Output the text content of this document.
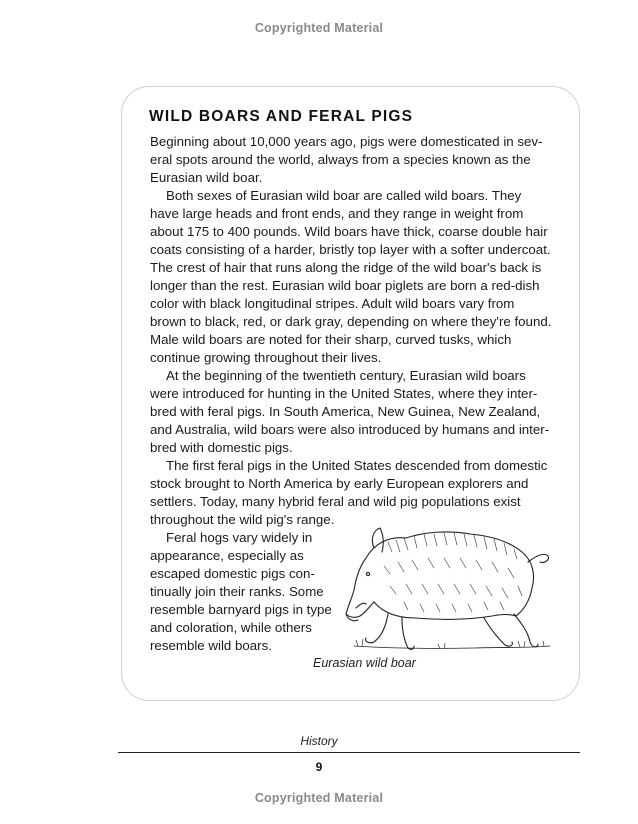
Copyrighted Material
WILD BOARS AND FERAL PIGS

Beginning about 10,000 years ago, pigs were domesticated in sev-eral spots around the world, always from a species known as the Eurasian wild boar.

Both sexes of Eurasian wild boar are called wild boars. They have large heads and front ends, and they range in weight from about 175 to 400 pounds. Wild boars have thick, coarse double hair coats consisting of a harder, bristly top layer with a softer undercoat. The crest of hair that runs along the ridge of the wild boar's back is longer than the rest. Eurasian wild boar piglets are born a red-dish color with black longitudinal stripes. Adult wild boars vary from brown to black, red, or dark gray, depending on where they're found. Male wild boars are noted for their sharp, curved tusks, which continue growing throughout their lives.

At the beginning of the twentieth century, Eurasian wild boars were introduced for hunting in the United States, where they inter-bred with feral pigs. In South America, New Guinea, New Zealand, and Australia, wild boars were also introduced by humans and inter-bred with domestic pigs.

The first feral pigs in the United States descended from domestic stock brought to North America by early European explorers and settlers. Today, many hybrid feral and wild pig populations exist throughout the wild pig's range.

Feral hogs vary widely in appearance, especially as escaped domestic pigs con-tinually join their ranks. Some resemble barnyard pigs in type and coloration, while others resemble wild boars.

Eurasian wild boar
History
9
Copyrighted Material
